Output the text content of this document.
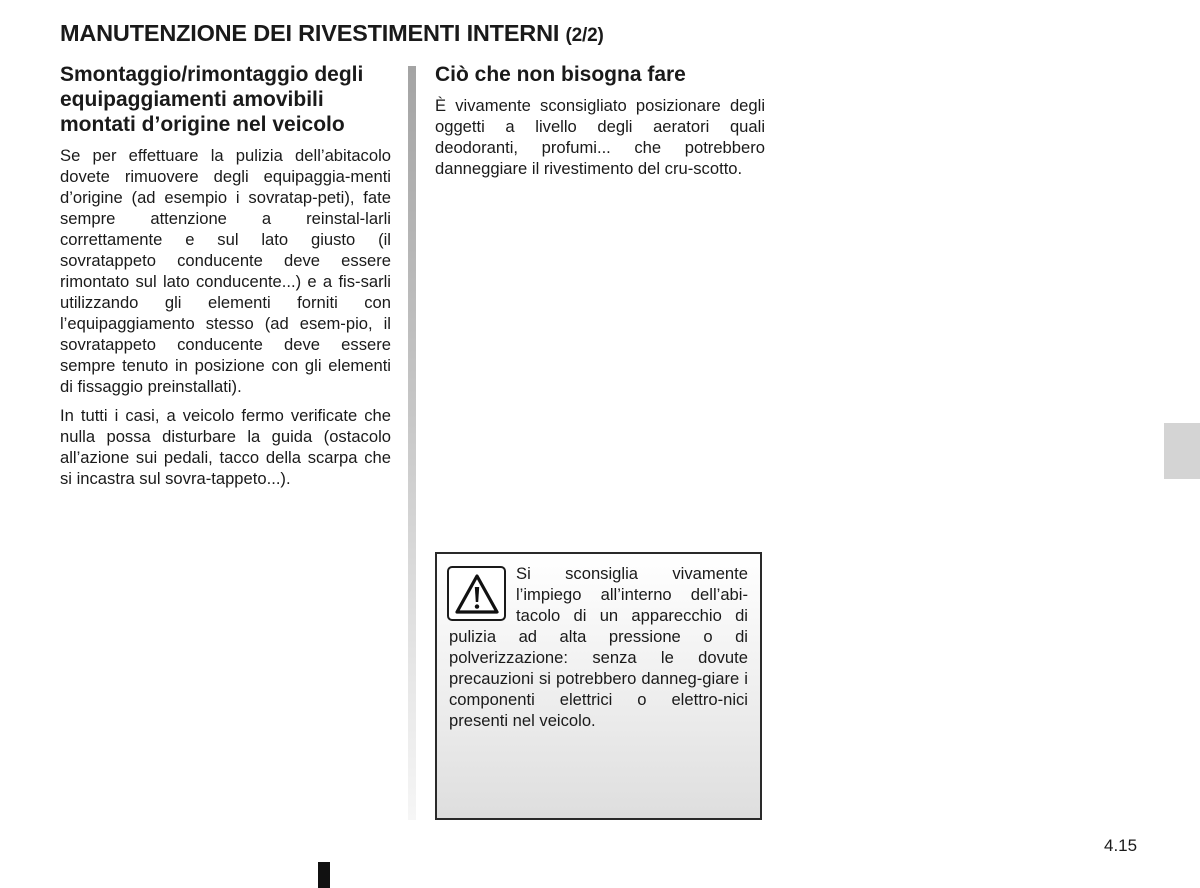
MANUTENZIONE DEI RIVESTIMENTI INTERNI (2/2)
Smontaggio/rimontaggio degli equipaggiamenti amovibili montati d’origine nel veicolo

Se per effettuare la pulizia dell’abitacolo dovete rimuovere degli equipaggia-menti d’origine (ad esempio i sovratap-peti), fate sempre attenzione a reinstal-larli correttamente e sul lato giusto (il sovratappeto conducente deve essere rimontato sul lato conducente...) e a fis-sarli utilizzando gli elementi forniti con l’equipaggiamento stesso (ad esem-pio, il sovratappeto conducente deve essere sempre tenuto in posizione con gli elementi di fissaggio preinstallati).

In tutti i casi, a veicolo fermo verificate che nulla possa disturbare la guida (ostacolo all’azione sui pedali, tacco della scarpa che si incastra sul sovra-tappeto...).

Ciò che non bisogna fare

È vivamente sconsigliato posizionare degli oggetti a livello degli aeratori quali deodoranti, profumi... che potrebbero danneggiare il rivestimento del cru-scotto.

Si sconsiglia vivamente l’impiego all’interno dell’abi-tacolo di un apparecchio di pulizia ad alta pressione o di polverizzazione: senza le dovute precauzioni si potrebbero danneg-giare i componenti elettrici o elettro-nici presenti nel veicolo.

4.15
